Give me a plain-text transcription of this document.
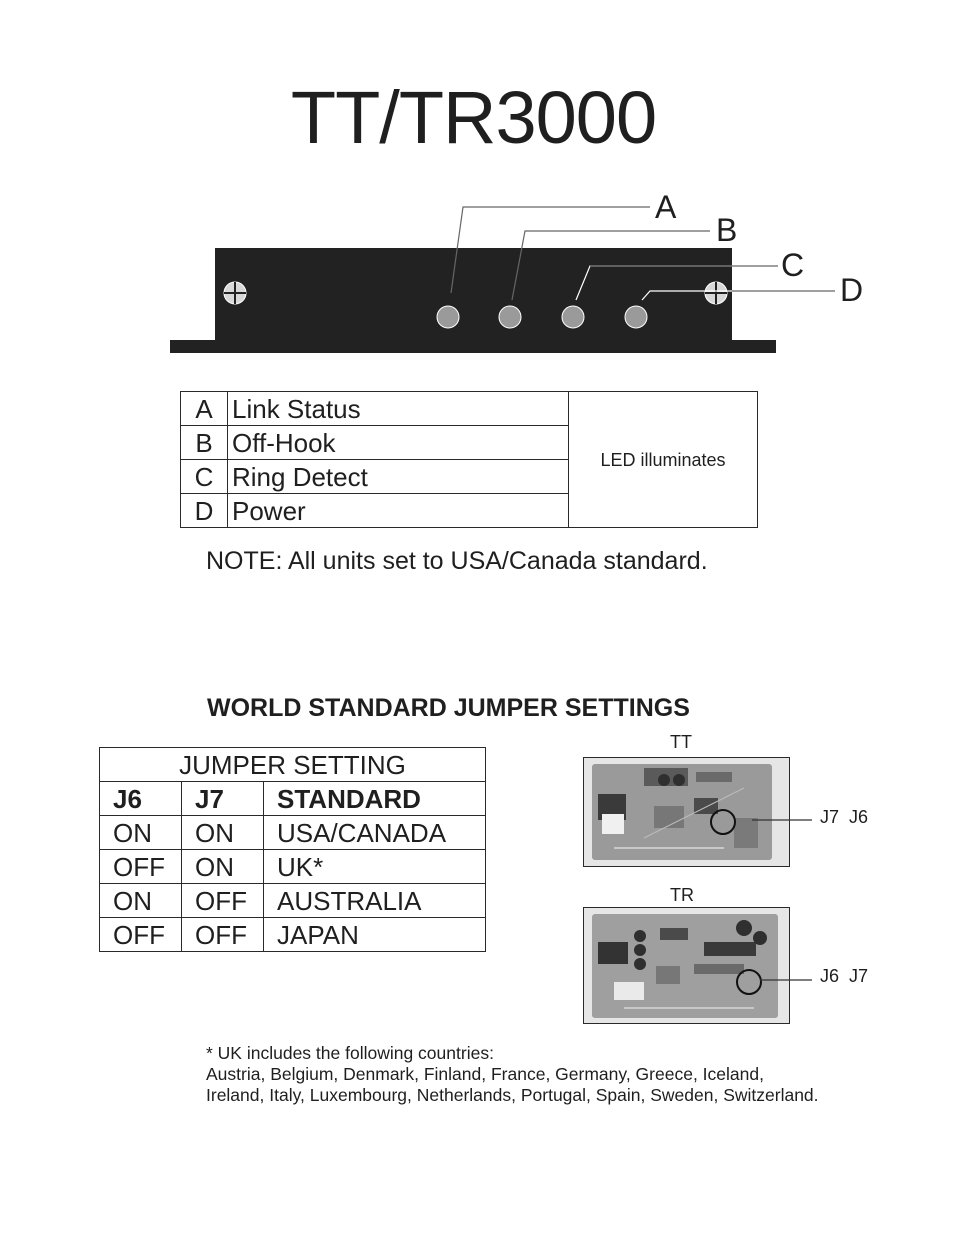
TT/TR3000
A
B
C
D
A	Link Status	LED illuminates
B	Off-Hook	
C	Ring Detect	
D	Power	
NOTE: All units set to USA/Canada standard.
WORLD STANDARD JUMPER SETTINGS
JUMPER SETTING		
J6	J7	STANDARD
ON	ON	USA/CANADA
OFF	ON	UK*
ON	OFF	AUSTRALIA
OFF	OFF	JAPAN
TT
J7  J6
TR
J6  J7
* UK includes the following countries:
Austria, Belgium, Denmark, Finland, France, Germany, Greece, Iceland,
Ireland, Italy, Luxembourg, Netherlands, Portugal, Spain, Sweden, Switzerland.
